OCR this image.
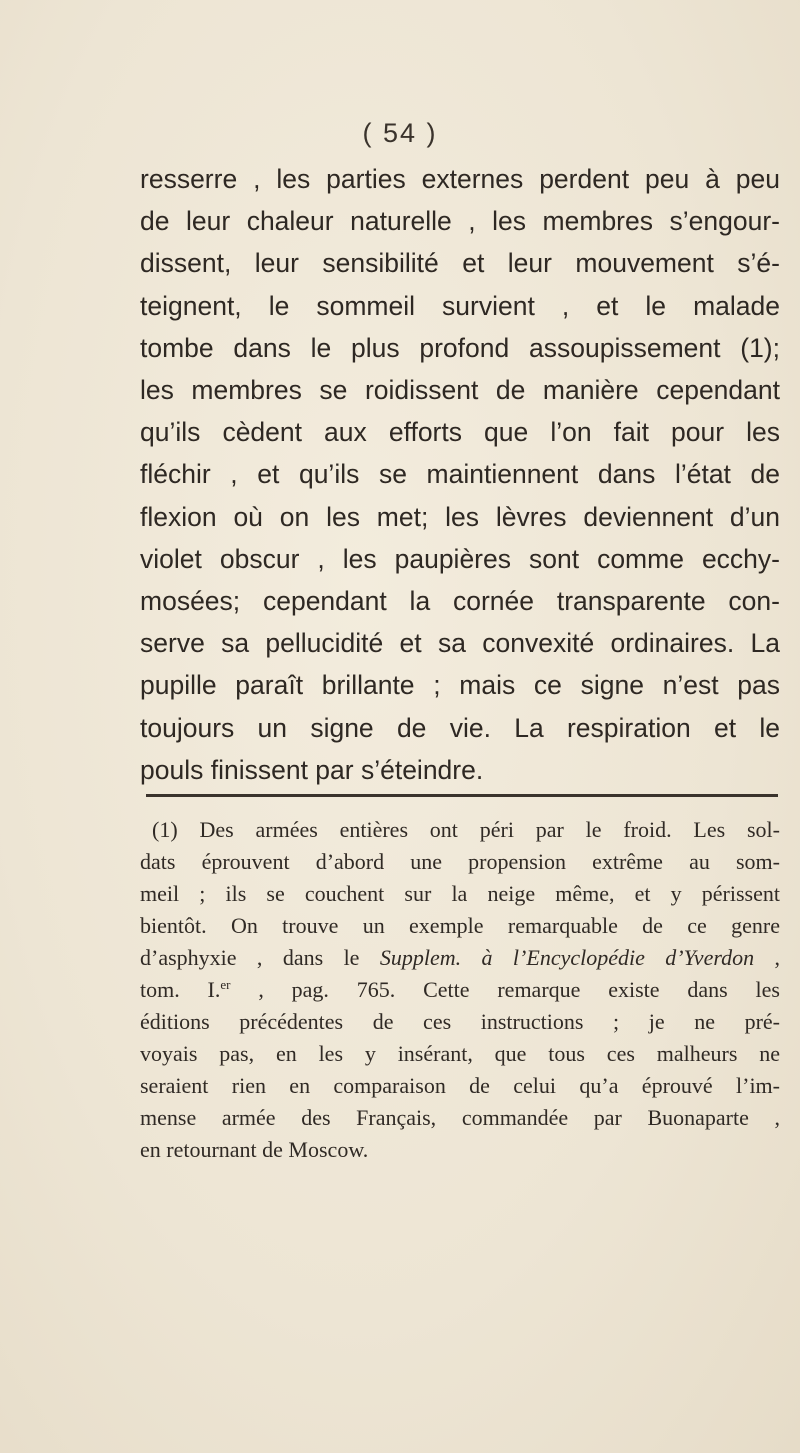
( 54 )
resserre , les parties externes perdent peu à peu
de leur chaleur naturelle , les membres s’engour-
dissent, leur sensibilité et leur mouvement s’é-
teignent, le sommeil survient , et le malade
tombe dans le plus profond assoupissement (1);
les membres se roidissent de manière cependant
qu’ils cèdent aux efforts que l’on fait pour les
fléchir , et qu’ils se maintiennent dans l’état de
flexion où on les met; les lèvres deviennent d’un
violet obscur , les paupières sont comme ecchy-
mosées; cependant la cornée transparente con-
serve sa pellucidité et sa convexité ordinaires. La
pupille paraît brillante ; mais ce signe n’est pas
toujours un signe de vie. La respiration et le
pouls finissent par s’éteindre.
(1) Des armées entières ont péri par le froid. Les sol-
dats éprouvent d’abord une propension extrême au som-
meil ; ils se couchent sur la neige même, et y périssent
bientôt. On trouve un exemple remarquable de ce genre
d’asphyxie , dans le Supplem. à l’Encyclopédie d’Yverdon ,
tom. I.$^{er}$ , pag. 765. Cette remarque existe dans les
éditions précédentes de ces instructions ; je ne pré-
voyais pas, en les y insérant, que tous ces malheurs ne
seraient rien en comparaison de celui qu’a éprouvé l’im-
mense armée des Français, commandée par Buonaparte ,
en retournant de Moscow.
